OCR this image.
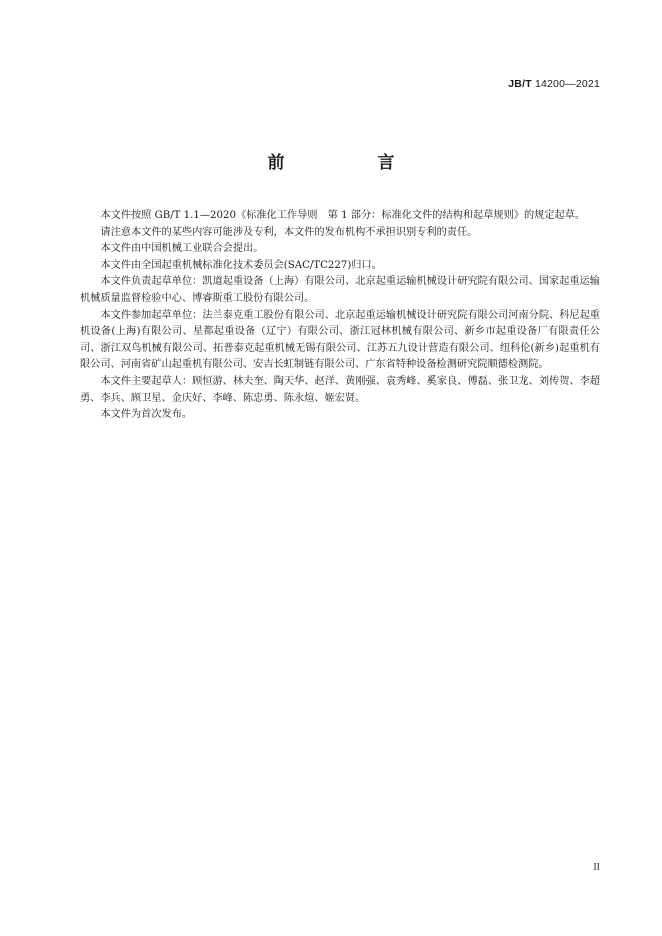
JB/T 14200—2021
前　言

本文件按照 GB/T 1.1—2020《标准化工作导则　第 1 部分：标准化文件的结构和起草规则》的规定起草。

请注意本文件的某些内容可能涉及专利，本文件的发布机构不承担识别专利的责任。

本文件由中国机械工业联合会提出。

本文件由全国起重机械标准化技术委员会(SAC/TC227)归口。

本文件负责起草单位：凯道起重设备（上海）有限公司、北京起重运输机械设计研究院有限公司、国家起重运输机械质量监督检验中心、博睿斯重工股份有限公司。

本文件参加起草单位：法兰泰克重工股份有限公司、北京起重运输机械设计研究院有限公司河南分院、科尼起重机设备(上海)有限公司、星都起重设备（辽宁）有限公司、浙江冠林机械有限公司、新乡市起重设备厂有限责任公司、浙江双鸟机械有限公司、拓普泰克起重机械无锡有限公司、江苏五九设计营造有限公司、纽科伦(新乡)起重机有限公司、河南省矿山起重机有限公司、安吉长虹制链有限公司、广东省特种设备检测研究院顺德检测院。

本文件主要起草人：顾恒游、林夫奎、陶天华、赵洋、黄刚强、袁秀峰、奚家良、傅磊、张卫龙、刘传贺、李超勇、李兵、顾卫星、金庆好、李峰、陈忠勇、陈永煊、姬宏贤。

本文件为首次发布。

II
